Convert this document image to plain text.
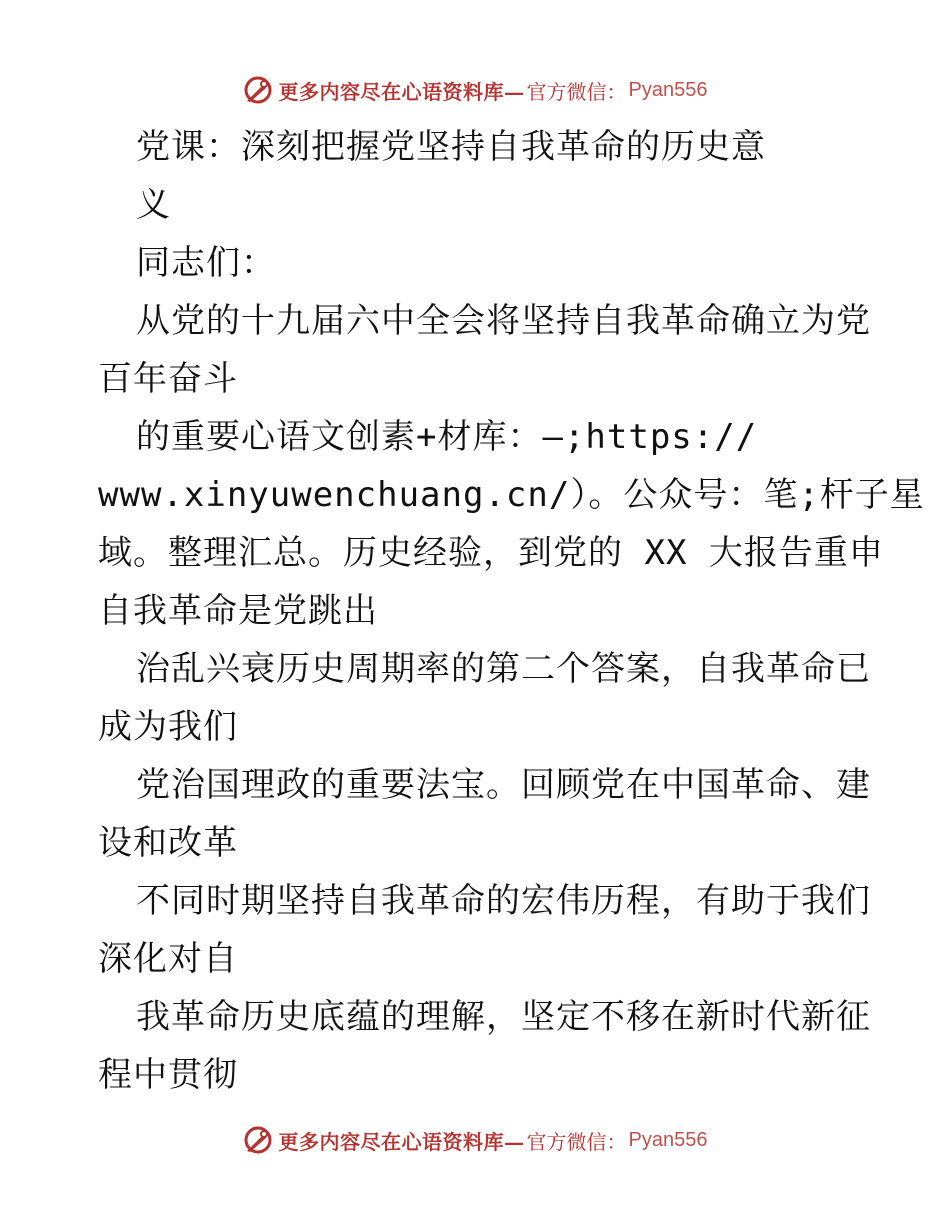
更多内容尽在心语资料库— 官方微信： Pyan556
党课：深刻把握党坚持自我革命的历史意
义
同志们：
从党的十九届六中全会将坚持自我革命确立为党
百年奋斗
的重要心语文创素+材库：—;https://
www.xinyuwenchuang.cn/）。公众号：笔;杆子星
域。整理汇总。历史经验，到党的 XX 大报告重申
自我革命是党跳出
治乱兴衰历史周期率的第二个答案，自我革命已
成为我们
党治国理政的重要法宝。回顾党在中国革命、建
设和改革
不同时期坚持自我革命的宏伟历程，有助于我们
深化对自
我革命历史底蕴的理解，坚定不移在新时代新征
程中贯彻
更多内容尽在心语资料库— 官方微信： Pyan556
